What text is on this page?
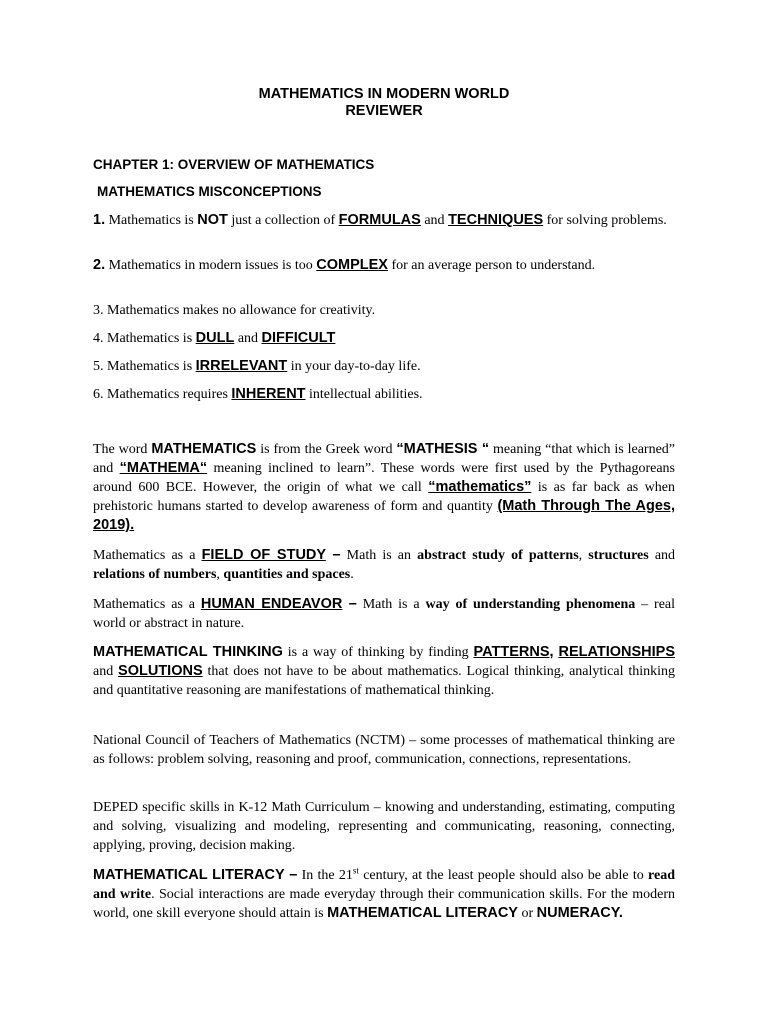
MATHEMATICS IN MODERN WORLD
REVIEWER
CHAPTER 1: OVERVIEW OF MATHEMATICS
MATHEMATICS MISCONCEPTIONS
1. Mathematics is NOT just a collection of FORMULAS and TECHNIQUES for solving problems.
2. Mathematics in modern issues is too COMPLEX for an average person to understand.
3. Mathematics makes no allowance for creativity.
4. Mathematics is DULL and DIFFICULT
5. Mathematics is IRRELEVANT in your day-to-day life.
6. Mathematics requires INHERENT intellectual abilities.
The word MATHEMATICS is from the Greek word “MATHESIS “ meaning “that which is learned” and “MATHEMA“ meaning inclined to learn”. These words were first used by the Pythagoreans around 600 BCE. However, the origin of what we call “mathematics” is as far back as when prehistoric humans started to develop awareness of form and quantity (Math Through The Ages, 2019).
Mathematics as a FIELD OF STUDY – Math is an abstract study of patterns, structures and relations of numbers, quantities and spaces.
Mathematics as a HUMAN ENDEAVOR – Math is a way of understanding phenomena – real world or abstract in nature.
MATHEMATICAL THINKING is a way of thinking by finding PATTERNS, RELATIONSHIPS and SOLUTIONS that does not have to be about mathematics. Logical thinking, analytical thinking and quantitative reasoning are manifestations of mathematical thinking.
National Council of Teachers of Mathematics (NCTM) – some processes of mathematical thinking are as follows: problem solving, reasoning and proof, communication, connections, representations.
DEPED specific skills in K-12 Math Curriculum – knowing and understanding, estimating, computing and solving, visualizing and modeling, representing and communicating, reasoning, connecting, applying, proving, decision making.
MATHEMATICAL LITERACY – In the 21st century, at the least people should also be able to read and write. Social interactions are made everyday through their communication skills. For the modern world, one skill everyone should attain is MATHEMATICAL LITERACY or NUMERACY.
